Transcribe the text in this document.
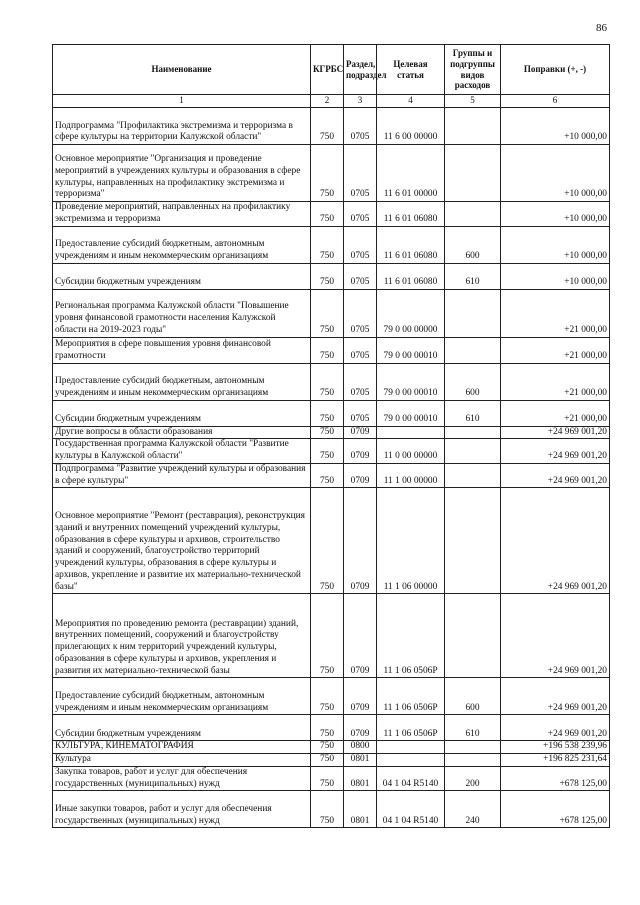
86
Наименование	КГРБС	Раздел, подраздел	Целевая статья	Группы и подгруппы видов расходов	Поправки (+, -)
1	2	3	4	5	6
Подпрограмма "Профилактика экстремизма и терроризма в сфере культуры на территории Калужской области"	750	0705	11 6 00 00000		+10 000,00
Основное мероприятие "Организация и проведение мероприятий в учреждениях культуры и образования в сфере культуры, направленных на профилактику экстремизма и терроризма"	750	0705	11 6 01 00000		+10 000,00
Проведение мероприятий, направленных на профилактику экстремизма и терроризма	750	0705	11 6 01 06080		+10 000,00
Предоставление субсидий бюджетным, автономным учреждениям и иным некоммерческим организациям	750	0705	11 6 01 06080	600	+10 000,00
Субсидии бюджетным учреждениям	750	0705	11 6 01 06080	610	+10 000,00
Региональная программа Калужской области "Повышение уровня финансовой грамотности населения Калужской области на 2019-2023 годы"	750	0705	79 0 00 00000		+21 000,00
Мероприятия в сфере повышения уровня финансовой грамотности	750	0705	79 0 00 00010		+21 000,00
Предоставление субсидий бюджетным, автономным учреждениям и иным некоммерческим организациям	750	0705	79 0 00 00010	600	+21 000,00
Субсидии бюджетным учреждениям	750	0705	79 0 00 00010	610	+21 000,00
Другие вопросы в области образования	750	0709			+24 969 001,20
Государственная программа Калужской области "Развитие культуры в Калужской области"	750	0709	11 0 00 00000		+24 969 001,20
Подпрограмма "Развитие учреждений культуры и образования в сфере культуры"	750	0709	11 1 00 00000		+24 969 001,20
Основное мероприятие "Ремонт (реставрация), реконструкция зданий и внутренних помещений учреждений культуры, образования в сфере культуры и архивов, строительство зданий и сооружений, благоустройство территорий учреждений культуры, образования в сфере культуры и архивов, укрепление и развитие их материально-технической базы"	750	0709	11 1 06 00000		+24 969 001,20
Мероприятия по проведению ремонта (реставрации) зданий, внутренних помещений, сооружений и благоустройству прилегающих к ним территорий учреждений культуры, образования в сфере культуры и архивов, укрепления и развития их материально-технической базы	750	0709	11 1 06 0506Р		+24 969 001,20
Предоставление субсидий бюджетным, автономным учреждениям и иным некоммерческим организациям	750	0709	11 1 06 0506Р	600	+24 969 001,20
Субсидии бюджетным учреждениям	750	0709	11 1 06 0506Р	610	+24 969 001,20
КУЛЬТУРА, КИНЕМАТОГРАФИЯ	750	0800			+196 538 239,96
Культура	750	0801			+196 825 231,64
Закупка товаров, работ и услуг для обеспечения государственных (муниципальных) нужд	750	0801	04 1 04 R5140	200	+678 125,00
Иные закупки товаров, работ и услуг для обеспечения государственных (муниципальных) нужд	750	0801	04 1 04 R5140	240	+678 125,00
